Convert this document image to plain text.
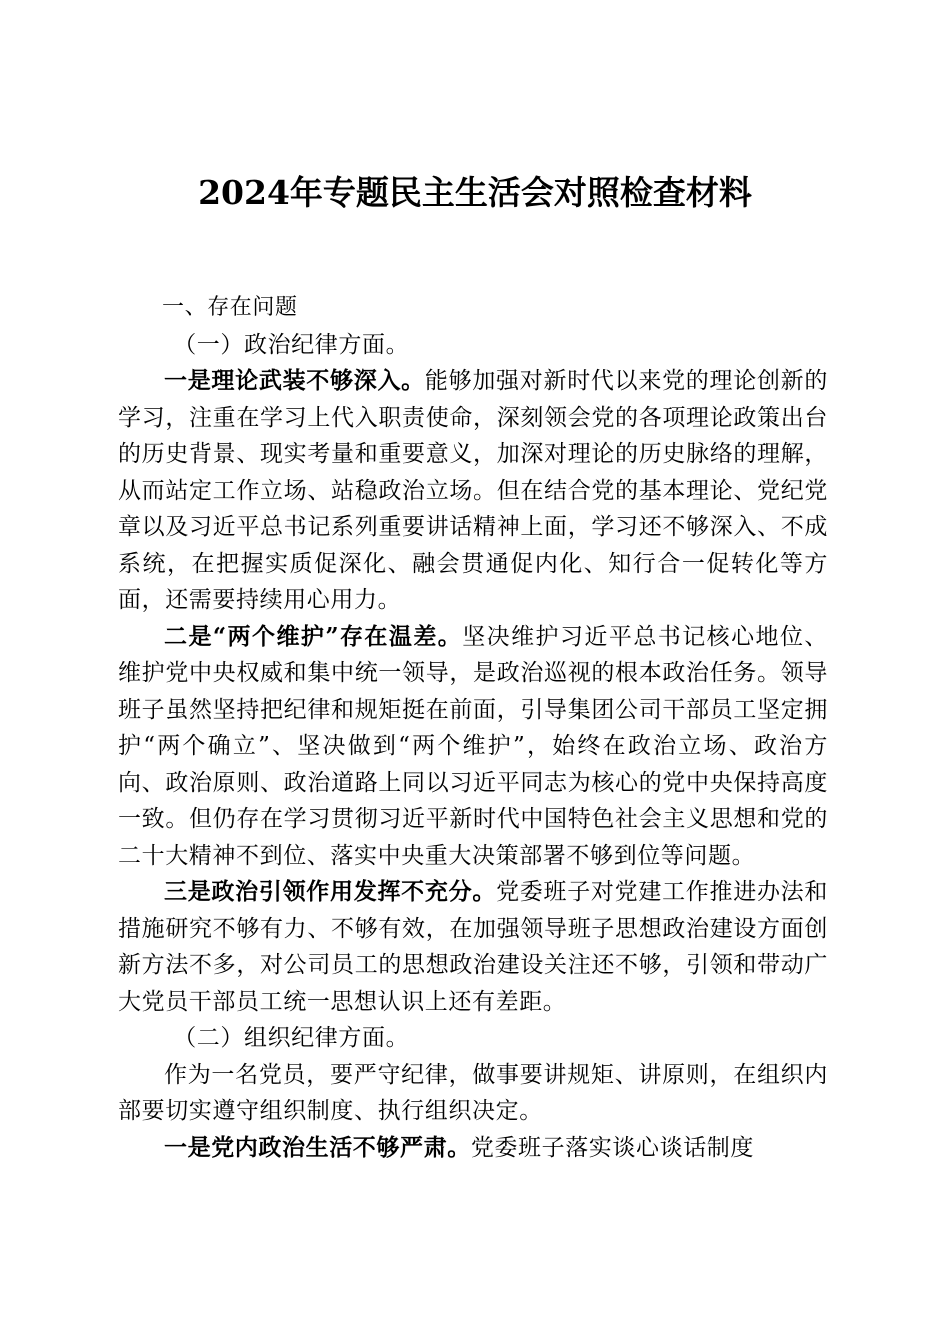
2024年专题民主生活会对照检查材料

一、存在问题

（一）政治纪律方面。

一是理论武装不够深入。能够加强对新时代以来党的理论创新的学习，注重在学习上代入职责使命，深刻领会党的各项理论政策出台的历史背景、现实考量和重要意义，加深对理论的历史脉络的理解，从而站定工作立场、站稳政治立场。但在结合党的基本理论、党纪党章以及习近平总书记系列重要讲话精神上面，学习还不够深入、不成系统，在把握实质促深化、融会贯通促内化、知行合一促转化等方面，还需要持续用心用力。

二是“两个维护”存在温差。坚决维护习近平总书记核心地位、维护党中央权威和集中统一领导，是政治巡视的根本政治任务。领导班子虽然坚持把纪律和规矩挺在前面，引导集团公司干部员工坚定拥护“两个确立”、坚决做到“两个维护”，始终在政治立场、政治方向、政治原则、政治道路上同以习近平同志为核心的党中央保持高度一致。但仍存在学习贯彻习近平新时代中国特色社会主义思想和党的二十大精神不到位、落实中央重大决策部署不够到位等问题。

三是政治引领作用发挥不充分。党委班子对党建工作推进办法和措施研究不够有力、不够有效，在加强领导班子思想政治建设方面创新方法不多，对公司员工的思想政治建设关注还不够，引领和带动广大党员干部员工统一思想认识上还有差距。

（二）组织纪律方面。

作为一名党员，要严守纪律，做事要讲规矩、讲原则，在组织内部要切实遵守组织制度、执行组织决定。

一是党内政治生活不够严肃。党委班子落实谈心谈话制度
